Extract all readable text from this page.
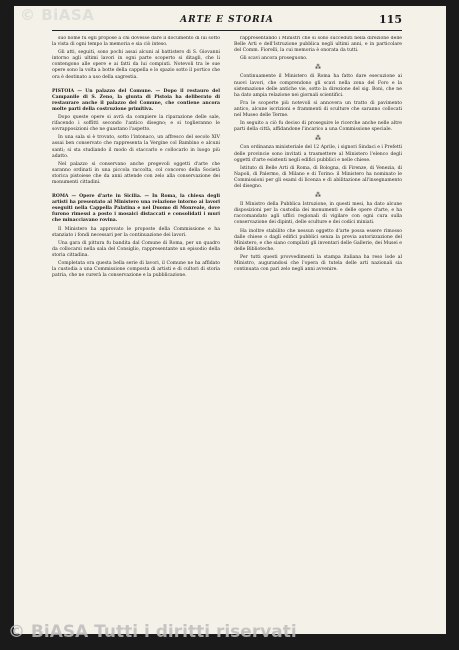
© BiASA	ARTE E STORIA	115

suo nome fu egli propose a chi dovesse dare il documento di lui sotto la vista di ogni tempo la memoria e sia ciò inteso.

Gli atti, seguiti, sono pochi assai alcuni al battistero di S. Giovanni intorno agli ultimi lavori in ogni parte scoperto si ditagli, che li contengono alle opere e ai fatti da lui compiuti. Notevoli tra le sue opere sono la volta a botte della cappella e lo spazio sotto il portico che ora è destinato a uso della sagrestia.

PISTOIA — Un palazzo del Comune. — Dopo il restauro del Campanile di S. Zeno, la giunta di Pistoia ha deliberato di restaurare anche il palazzo del Comune, che contiene ancora molte parti della costruzione primitiva.

Dopo queste opere si avrà da compiere la riparazione delle sale, rifacendo i soffitti secondo l'antico disegno; e si toglieranno le sovrapposizioni che ne guastano l'aspetto.

In una sala si è trovato, sotto l'intonaco, un affresco del secolo XIV assai ben conservato che rappresenta la Vergine col Bambino e alcuni santi; si sta studiando il modo di staccarlo e collocarlo in luogo più adatto.

Nel palazzo si conservano anche pregevoli oggetti d'arte che saranno ordinati in una piccola raccolta, col concorso della Società storica pistoiese che da anni attende con zelo alla conservazione dei monumenti cittadini.

ROMA — Opere d'arte in Sicilia. — In Roma, la chiesa degli artisti ha presentato al Ministero una relazione intorno ai lavori eseguiti nella Cappella Palatina e nel Duomo di Monreale, dove furono rimessi a posto i mosaici distaccati e consolidati i muri che minacciavano rovina.

Il Ministero ha approvato le proposte della Commissione e ha stanziato i fondi necessari per la continuazione dei lavori.

Una gara di pittura fu bandita dal Comune di Roma, per un quadro da collocarsi nella sala del Consiglio, rappresentante un episodio della storia cittadina.

Completata ora questa bella serie di lavori, il Comune ne ha affidato la custodia a una Commissione composta di artisti e di cultori di storia patria, che ne curerà la conservazione e la pubblicazione.

rappresentando i Ministri che si sono succeduti nella direzione delle Belle Arti e dell'Istruzione pubblica negli ultimi anni, e in particolare del Comm. Fiorelli, la cui memoria è onorata da tutti.

Gli scavi ancora proseguono.

⁂

Continuamente il Ministero di Roma ha fatto dare esecuzione ai nuovi lavori, che comprendono gli scavi nella zona del Foro e la sistemazione delle antiche vie, sotto la direzione del sig. Boni, che ne ha dato ampia relazione nei giornali scientifici.

Fra le scoperte più notevoli si annovera un tratto di pavimento antico, alcune iscrizioni e frammenti di sculture che saranno collocati nel Museo delle Terme.

In seguito a ciò fu deciso di proseguire le ricerche anche nelle altre parti della città, affidandone l'incarico a una Commissione speciale.

⁂

Con ordinanza ministeriale del 12 Aprile, i signori Sindaci e i Prefetti delle provincie sono invitati a trasmettere al Ministero l'elenco degli oggetti d'arte esistenti negli edifici pubblici e nelle chiese.

Istituto di Belle Arti di Roma, di Bologna, di Firenze, di Venezia, di Napoli, di Palermo, di Milano e di Torino: il Ministero ha nominato le Commissioni per gli esami di licenza e di abilitazione all'insegnamento del disegno.

⁂

Il Ministro della Pubblica Istruzione, in questi mesi, ha dato alcune disposizioni per la custodia dei monumenti e delle opere d'arte, e ha raccomandato agli uffici regionali di vigilare con ogni cura sulla conservazione dei dipinti, delle sculture e dei codici miniati.

Ha inoltre stabilito che nessun oggetto d'arte possa essere rimosso dalle chiese o dagli edifici pubblici senza la previa autorizzazione del Ministero, e che siano compilati gli inventari delle Gallerie, dei Musei e delle Biblioteche.

Per tutti questi provvedimenti la stampa italiana ha reso lode al Ministro, augurandosi che l'opera di tutela delle arti nazionali sia continuata con pari zelo negli anni avvenire.

© BiASA Tutti i diritti riservati
